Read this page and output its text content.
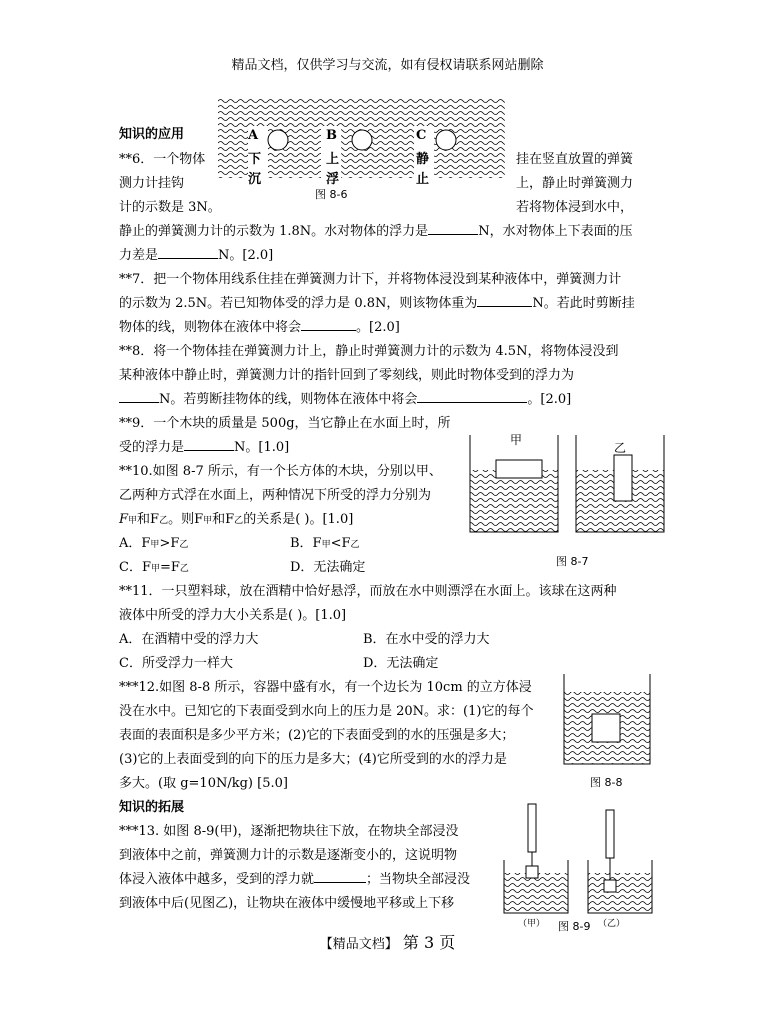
精品文档，仅供学习与交流，如有侵权请联系网站删除
A
下
沉
B
上
浮
C
静
止
图 8-6
知识的应用
**6．一个物体	挂在竖直放置的弹簧
测力计挂钩	上，静止时弹簧测力
计的示数是 3N。	若将物体浸到水中，
静止的弹簧测力计的示数为 1.8N。水对物体的浮力是	N，水对物体上下表面的压
力差是	N。[2.0]
**7．把一个物体用线系住挂在弹簧测力计下，并将物体浸没到某种液体中，弹簧测力计
的示数为 2.5N。若已知物体受的浮力是 0.8N，则该物体重为	N。若此时剪断挂
物体的线，则物体在液体中将会	。[2.0]
**8．将一个物体挂在弹簧测力计上，静止时弹簧测力计的示数为 4.5N，将物体浸没到
某种液体中静止时，弹簧测力计的指针回到了零刻线，则此时物体受到的浮力为
N。若剪断挂物体的线，则物体在液体中将会	。[2.0]
**9．一个木块的质量是 500g，当它静止在水面上时，所
受的浮力是	N。[1.0]	甲
乙
图 8-7
**10.如图 8-7 所示，有一个长方体的木块，分别以甲、
乙两种方式浮在水面上，两种情况下所受的浮力分别为
F甲和F乙。则F甲和F乙的关系是( )。[1.0]
A．F甲>F乙	B．F甲<F乙
C．F甲=F乙	D．无法确定
**11．一只塑料球，放在酒精中恰好悬浮，而放在水中则漂浮在水面上。该球在这两种
液体中所受的浮力大小关系是( )。[1.0]
A．在酒精中受的浮力大	B．在水中受的浮力大
C．所受浮力一样大	D．无法确定
图 8-8
***12.如图 8-8 所示，容器中盛有水，有一个边长为 10cm 的立方体浸
没在水中。已知它的下表面受到水向上的压力是 20N。求：(1)它的每个
表面的表面积是多少平方米；(2)它的下表面受到的水的压强是多大；
(3)它的上表面受到的向下的压力是多大；(4)它所受到的水的浮力是
多大。(取 g=10N/kg) [5.0]
知识的拓展
（甲） 图 8-9 （乙）
***13. 如图 8-9(甲)，逐渐把物块往下放，在物块全部浸没
到液体中之前，弹簧测力计的示数是逐渐变小的，这说明物
体浸入液体中越多，受到的浮力就	；当物块全部浸没
到液体中后(见图乙)，让物块在液体中缓慢地平移或上下移
【精品文档】 第 3 页
